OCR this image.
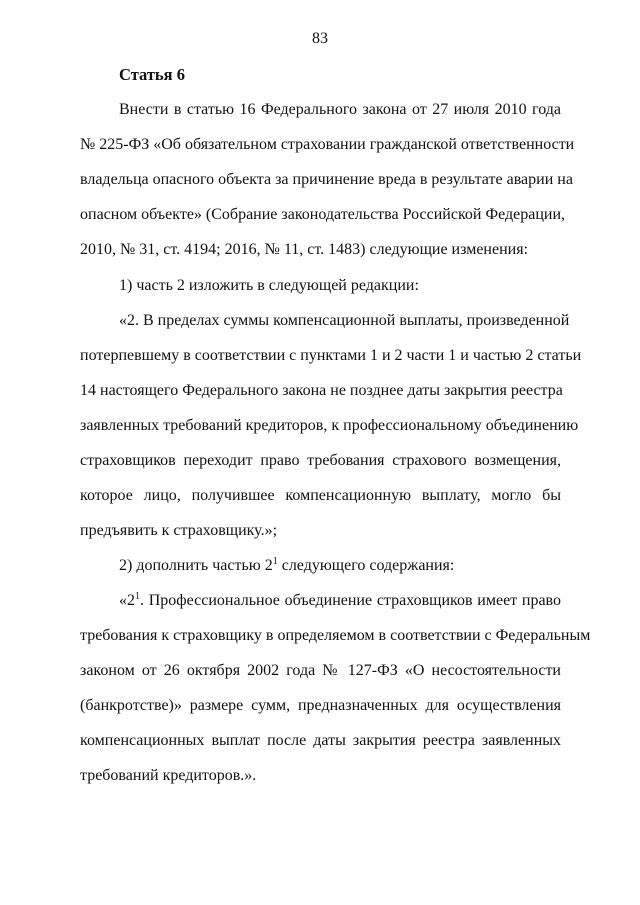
83
Статья 6
Внести в статью 16 Федерального закона от 27 июля 2010 года
№ 225-ФЗ «Об обязательном страховании гражданской ответственности
владельца опасного объекта за причинение вреда в результате аварии на
опасном объекте» (Собрание законодательства Российской Федерации,
2010, № 31, ст. 4194; 2016, № 11, ст. 1483) следующие изменения:
1) часть 2 изложить в следующей редакции:
«2. В пределах суммы компенсационной выплаты, произведенной
потерпевшему в соответствии с пунктами 1 и 2 части 1 и частью 2 статьи
14 настоящего Федерального закона не позднее даты закрытия реестра
заявленных требований кредиторов, к профессиональному объединению
страховщиков переходит право требования страхового возмещения,
которое лицо, получившее компенсационную выплату, могло бы
предъявить к страховщику.»;
2) дополнить частью $2^1$ следующего содержания:
«$2^1$. Профессиональное объединение страховщиков имеет право
требования к страховщику в определяемом в соответствии с Федеральным
законом от 26 октября 2002 года № 127-ФЗ «О несостоятельности
(банкротстве)» размере сумм, предназначенных для осуществления
компенсационных выплат после даты закрытия реестра заявленных
требований кредиторов.».
